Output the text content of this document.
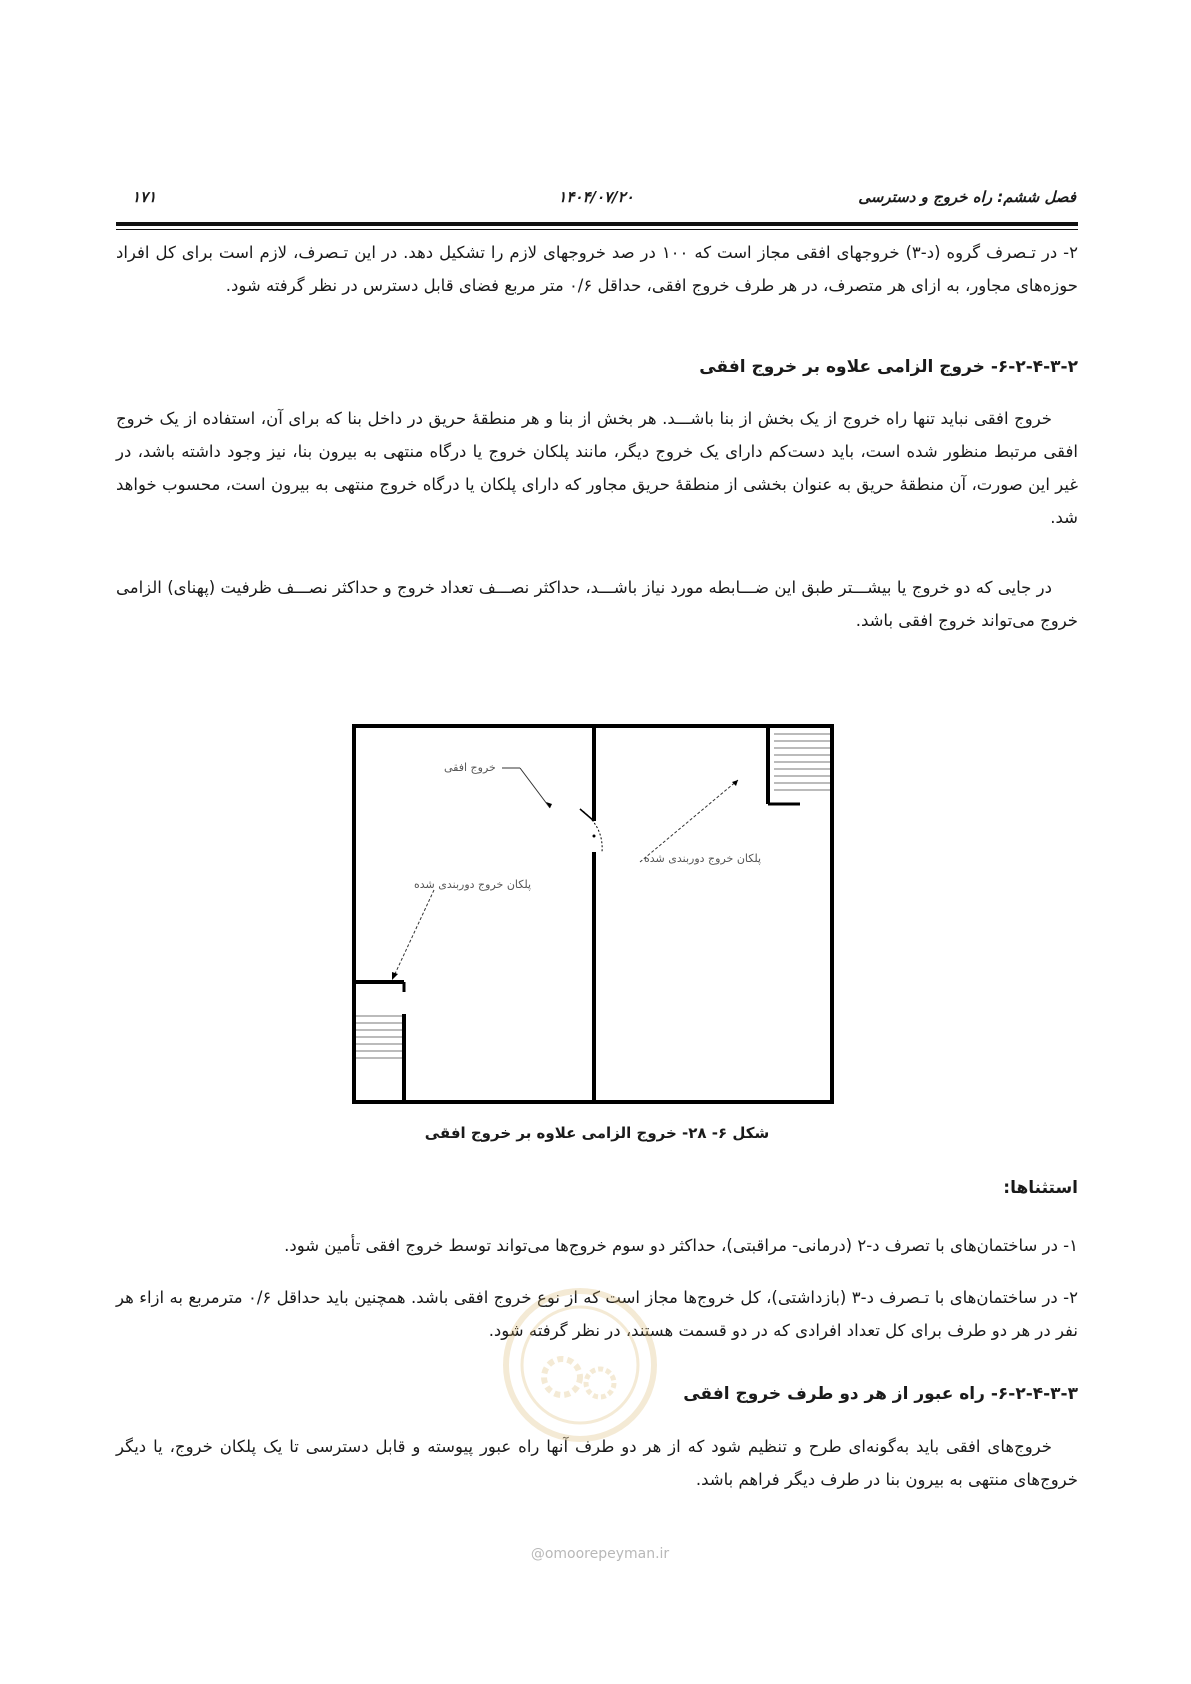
فصل ششم: راه خروج و دسترسی
۱۴۰۴/۰۷/۲۰
۱۷۱
۲- در تـصرف گروه (د-۳) خروجهای افقی مجاز است که ۱۰۰ در صد خروجهای لازم را تشکیل دهد. در این تـصرف، لازم است برای کل افراد حوزه‌های مجاور، به ازای هر متصرف، در هر طرف خروج افقی، حداقل ۰/۶ متر مربع فضای قابل دسترس در نظر گرفته شود.
۶-۲-۴-۳-۲- خروج الزامی علاوه بر خروج افقی
خروج افقی نباید تنها راه خروج از یک بخش از بنا باشـــد. هر بخش از بنا و هر منطقهٔ حریق در داخل بنا که برای آن، استفاده از یک خروج افقی مرتبط منظور شده است، باید دست‌کم دارای یک خروج دیگر، مانند پلکان خروج یا درگاه منتهی به بیرون بنا، نیز وجود داشته باشد، در غیر این صورت، آن منطقهٔ حریق به عنوان بخشی از منطقهٔ حریق مجاور که دارای پلکان یا درگاه خروج منتهی به بیرون است، محسوب خواهد شد.
در جایی که دو خروج یا بیشـــتر طبق این ضـــابطه مورد نیاز باشـــد، حداکثر نصـــف تعداد خروج و حداکثر نصـــف ظرفیت (پهنای) الزامی خروج می‌تواند خروج افقی باشد.
خروج افقی
پلکان خروج دوربندی شده
پلکان خروج دوربندی شده
شکل ۶- ۲۸- خروج الزامی علاوه بر خروج افقی
استثناها:
۱- در ساختمان‌های با تصرف د-۲ (درمانی- مراقبتی)، حداکثر دو سوم خروج‌ها می‌تواند توسط خروج افقی تأمین شود.
۲- در ساختمان‌های با تـصرف د-۳ (بازداشتی)، کل خروج‌ها مجاز است که از نوع خروج افقی باشد. همچنین باید حداقل ۰/۶ مترمربع به ازاء هر نفر در هر دو طرف برای کل تعداد افرادی که در دو قسمت هستند، در نظر گرفته شود.
۶-۲-۴-۳-۳- راه عبور از هر دو طرف خروج افقی
خروج‌های افقی باید به‌گونه‌ای طرح و تنظیم شود که از هر دو طرف آنها راه عبور پیوسته و قابل دسترسی تا یک پلکان خروج، یا دیگر خروج‌های منتهی به بیرون بنا در طرف دیگر فراهم باشد.
@omoorepeyman.ir
